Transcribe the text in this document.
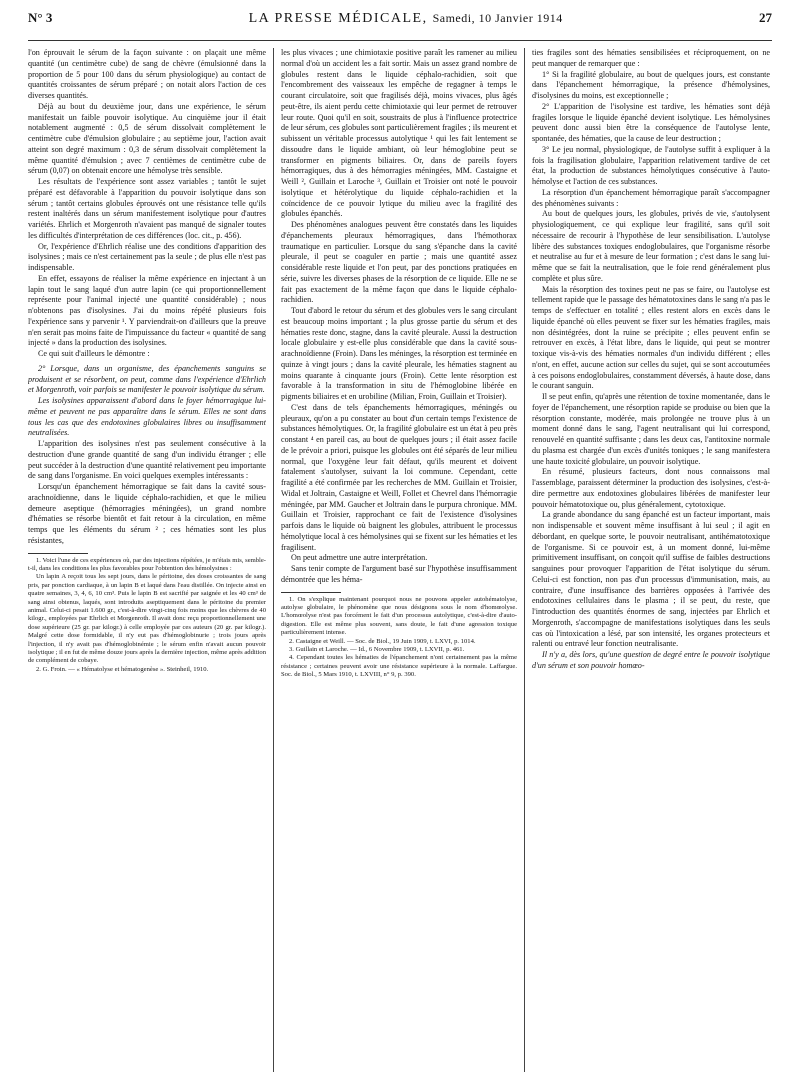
N° 3	LA PRESSE MÉDICALE, Samedi, 10 Janvier 1914	27

l'on éprouvait le sérum de la façon suivante : on plaçait une même quantité (un centimètre cube) de sang de chèvre (émulsionné dans la proportion de 5 pour 100 dans du sérum physiologique) au contact de quantités croissantes de sérum préparé ; on notait alors l'action de ces diverses quantités.

Déjà au bout du deuxième jour, dans une expérience, le sérum manifestait un faible pouvoir isolytique. Au cinquième jour il était notablement augmenté : 0,5 de sérum dissolvait complètement le centimètre cube d'émulsion globulaire ; au septième jour, l'action avait atteint son degré maximum : 0,3 de sérum dissolvait complètement la même quantité d'émulsion ; avec 7 centièmes de centimètre cube de sérum (0,07) on obtenait encore une hémolyse très sensible.

Les résultats de l'expérience sont assez variables ; tantôt le sujet préparé est défavorable à l'apparition du pouvoir isolytique dans son sérum ; tantôt certains globules éprouvés ont une résistance telle qu'ils restent inaltérés dans un sérum manifestement isolytique pour d'autres variétés. Ehrlich et Morgenroth n'avaient pas manqué de signaler toutes les difficultés d'interprétation de ces différences (loc. cit., p. 456).

Or, l'expérience d'Ehrlich réalise une des conditions d'apparition des isolysines ; mais ce n'est certainement pas la seule ; de plus elle n'est pas indispensable.

En effet, essayons de réaliser la même expérience en injectant à un lapin tout le sang laqué d'un autre lapin (ce qui proportionnellement représente pour l'animal injecté une quantité considérable) ; nous n'obtenons pas d'isolysines. J'ai du moins répété plusieurs fois l'expérience sans y parvenir ¹. Y parviendrait-on d'ailleurs que la preuve n'en serait pas moins faite de l'impuissance du facteur « quantité de sang injecté » dans la production des isolysines.

Ce qui suit d'ailleurs le démontre :

2° Lorsque, dans un organisme, des épanchements sanguins se produisent et se résorbent, on peut, comme dans l'expérience d'Ehrlich et Morgenroth, voir parfois se manifester le pouvoir isolytique du sérum.

Les isolysines apparaissent d'abord dans le foyer hémorragique lui-même et peuvent ne pas apparaître dans le sérum. Elles ne sont dans tous les cas que des endotoxines globulaires libres ou insuffisamment neutralisées.

L'apparition des isolysines n'est pas seulement consécutive à la destruction d'une grande quantité de sang d'un individu étranger ; elle peut succéder à la destruction d'une quantité relativement peu importante de sang dans l'organisme. En voici quelques exemples intéressants :

Lorsqu'un épanchement hémorragique se fait dans la cavité sous-arachnoïdienne, dans le liquide céphalo-rachidien, et que le milieu demeure aseptique (hémorragies méningées), un grand nombre d'hématies se résorbe bientôt et fait retour à la circulation, en même temps que les éléments du sérum ² ; ces hématies sont les plus résistantes,

1. Voici l'une de ces expériences où, par des injections répétées, je m'étais mis, semble-t-il, dans les conditions les plus favorables pour l'obtention des hémolysines :

Un lapin A reçoit tous les sept jours, dans le péritoine, des doses croissantes de sang pris, par ponction cardiaque, à un lapin B et laqué dans l'eau distillée. On injecte ainsi en quatre semaines, 3, 4, 6, 10 cm³. Puis le lapin B est sacrifié par saignée et les 40 cm³ de sang ainsi obtenus, laqués, sont introduits aseptiquement dans le péritoine du premier animal. Celui-ci pesait 1.600 gr., c'est-à-dire vingt-cinq fois moins que les chèvres de 40 kilogr., employées par Ehrlich et Morgenroth. Il avait donc reçu proportionnellement une dose supérieure (25 gr. par kilogr.) à celle employée par ces auteurs (20 gr. par kilogr.). Malgré cette dose formidable, il n'y eut pas d'hémoglobinurie ; trois jours après l'injection, il n'y avait pas d'hémoglobinémie ; le sérum enfin n'avait aucun pouvoir isolytique ; il en fut de même douze jours après la dernière injection, même après addition de complément de cobaye.

2. G. Froin. — « Hématolyse et hématogenèse ». Steinheil, 1910.

les plus vivaces ; une chimiotaxie positive paraît les ramener au milieu normal d'où un accident les a fait sortir. Mais un assez grand nombre de globules restent dans le liquide céphalo-rachidien, soit que l'encombrement des vaisseaux les empêche de regagner à temps le courant circulatoire, soit que fragilisés déjà, moins vivaces, plus âgés peut-être, ils aient perdu cette chimiotaxie qui leur permet de retrouver leur route. Quoi qu'il en soit, soustraits de plus à l'influence protectrice de leur sérum, ces globules sont particulièrement fragiles ; ils meurent et subissent un véritable processus autolytique ¹ qui les fait lentement se dissoudre dans le liquide ambiant, où leur hémoglobine peut se transformer en pigments biliaires. Or, dans de pareils foyers hémorragiques, dus à des hémorragies méningées, MM. Castaigne et Weill ², Guillain et Laroche ³, Guillain et Troisier ont noté le pouvoir isolytique et hétérolytique du liquide céphalo-rachidien et la coïncidence de ce pouvoir lytique du milieu avec la fragilité des globules épanchés.

Des phénomènes analogues peuvent être constatés dans les liquides d'épanchements pleuraux hémorragiques, dans l'hémothorax traumatique en particulier. Lorsque du sang s'épanche dans la cavité pleurale, il peut se coaguler en partie ; mais une quantité assez considérable reste liquide et l'on peut, par des ponctions pratiquées en série, suivre les diverses phases de la résorption de ce liquide. Elle ne se fait pas exactement de la même façon que dans le liquide céphalo-rachidien.

Tout d'abord le retour du sérum et des globules vers le sang circulant est beaucoup moins important ; la plus grosse partie du sérum et des hématies reste donc, stagne, dans la cavité pleurale. Aussi la destruction locale globulaire y est-elle plus considérable que dans la cavité sous-arachnoïdienne (Froin). Dans les méninges, la résorption est terminée en quinze à vingt jours ; dans la cavité pleurale, les hématies stagnent au moins quarante à cinquante jours (Froin). Cette lente résorption est favorable à la transformation in situ de l'hémoglobine libérée en pigments biliaires et en urobiline (Milian, Froin, Guillain et Troisier).

C'est dans de tels épanchements hémorragiques, méningés ou pleuraux, qu'on a pu constater au bout d'un certain temps l'existence de substances hémolytiques. Or, la fragilité globulaire est un état à peu près constant ⁴ en pareil cas, au bout de quelques jours ; il était assez facile de le prévoir a priori, puisque les globules ont été séparés de leur milieu normal, que l'oxygène leur fait défaut, qu'ils meurent et doivent fatalement s'autolyser, suivant la loi commune. Cependant, cette fragilité a été confirmée par les recherches de MM. Guillain et Troisier, Widal et Joltrain, Castaigne et Weill, Follet et Chevrel dans l'hémorragie méningée, par MM. Gaucher et Joltrain dans le purpura chronique. MM. Guillain et Troisier, rapprochant ce fait de l'existence d'isolysines parfois dans le liquide où baignent les globules, attribuent le processus hémolytique local à ces hémolysines qui se fixent sur les hématies et les fragilisent.

On peut admettre une autre interprétation.

Sans tenir compte de l'argument basé sur l'hypothèse insuffisamment démontrée que les héma-

1. On s'explique maintenant pourquoi nous ne pouvons appeler autohématolyse, autolyse globulaire, le phénomène que nous désignons sous le nom d'homœolyse. L'homœolyse n'est pas forcément le fait d'un processus autolytique, c'est-à-dire d'auto-digestion. Elle est même plus souvent, sans doute, le fait d'une agression toxique particulièrement intense.

2. Castaigne et Weill. — Soc. de Biol., 19 Juin 1909, t. LXVI, p. 1014.

3. Guillain et Laroche. — Id., 6 Novembre 1909, t. LXVII, p. 461.

4. Cependant toutes les hématies de l'épanchement n'ont certainement pas la même résistance ; certaines peuvent avoir une résistance supérieure à la normale. Laffargue. Soc. de Biol., 5 Mars 1910, t. LXVIII, n° 9, p. 390.

ties fragiles sont des hématies sensibilisées et réciproquement, on ne peut manquer de remarquer que :

1° Si la fragilité globulaire, au bout de quelques jours, est constante dans l'épanchement hémorragique, la présence d'hémolysines, d'isolysines du moins, est exceptionnelle ;

2° L'apparition de l'isolysine est tardive, les hématies sont déjà fragiles lorsque le liquide épanché devient isolytique. Les hémolysines peuvent donc aussi bien être la conséquence de l'autolyse lente, spontanée, des hématies, que la cause de leur destruction ;

3° Le jeu normal, physiologique, de l'autolyse suffit à expliquer à la fois la fragilisation globulaire, l'apparition relativement tardive de cet état, la production de substances hémolytiques consécutive à l'auto-hémolyse et l'action de ces substances.

La résorption d'un épanchement hémorragique paraît s'accompagner des phénomènes suivants :

Au bout de quelques jours, les globules, privés de vie, s'autolysent physiologiquement, ce qui explique leur fragilité, sans qu'il soit nécessaire de recourir à l'hypothèse de leur sensibilisation. L'autolyse libère des substances toxiques endoglobulaires, que l'organisme résorbe et neutralise au fur et à mesure de leur formation ; c'est dans le sang lui-même que se fait la neutralisation, que le foie rend généralement plus complète et plus sûre.

Mais la résorption des toxines peut ne pas se faire, ou l'autolyse est tellement rapide que le passage des hématotoxines dans le sang n'a pas le temps de s'effectuer en totalité ; elles restent alors en excès dans le liquide épanché où elles peuvent se fixer sur les hématies fragiles, mais non désintégrées, dont la ruine se précipite ; elles peuvent enfin se retrouver en excès, à l'état libre, dans le liquide, qui peut se montrer toxique vis-à-vis des hématies normales d'un individu différent ; elles n'ont, en effet, aucune action sur celles du sujet, qui se sont accoutumées à ces poisons endoglobulaires, constamment déversés, à haute dose, dans le courant sanguin.

Il se peut enfin, qu'après une rétention de toxine momentanée, dans le foyer de l'épanchement, une résorption rapide se produise ou bien que la résorption constante, modérée, mais prolongée ne trouve plus à un moment donné dans le sang, l'agent neutralisant qui lui correspond, renouvelé en quantité suffisante ; dans les deux cas, l'antitoxine normale du plasma est chargée d'un excès d'unités toniques ; le sang manifestera une haute toxicité globulaire, un pouvoir isolytique.

En résumé, plusieurs facteurs, dont nous connaissons mal l'assemblage, paraissent déterminer la production des isolysines, c'est-à-dire permettre aux endotoxines globulaires libérées de manifester leur pouvoir hématotoxique ou, plus généralement, cytotoxique.

La grande abondance du sang épanché est un facteur important, mais non indispensable et souvent même insuffisant à lui seul ; il agit en débordant, en quelque sorte, le pouvoir neutralisant, antihématotoxique de l'organisme. Si ce pouvoir est, à un moment donné, lui-même primitivement insuffisant, on conçoit qu'il suffise de faibles destructions sanguines pour provoquer l'apparition de l'état isolytique du sérum. Celui-ci est fonction, non pas d'un processus d'immunisation, mais, au contraire, d'une insuffisance des barrières opposées à l'arrivée des endotoxines cellulaires dans le plasma ; il se peut, du reste, que l'introduction des quantités énormes de sang, injectées par Ehrlich et Morgenroth, s'accompagne de manifestations isolytiques dans les seuls cas où l'intoxication a lésé, par son intensité, les organes protecteurs et ralenti ou entravé leur fonction neutralisante.

Il n'y a, dès lors, qu'une question de degré entre le pouvoir isolytique d'un sérum et son pouvoir homœo-
